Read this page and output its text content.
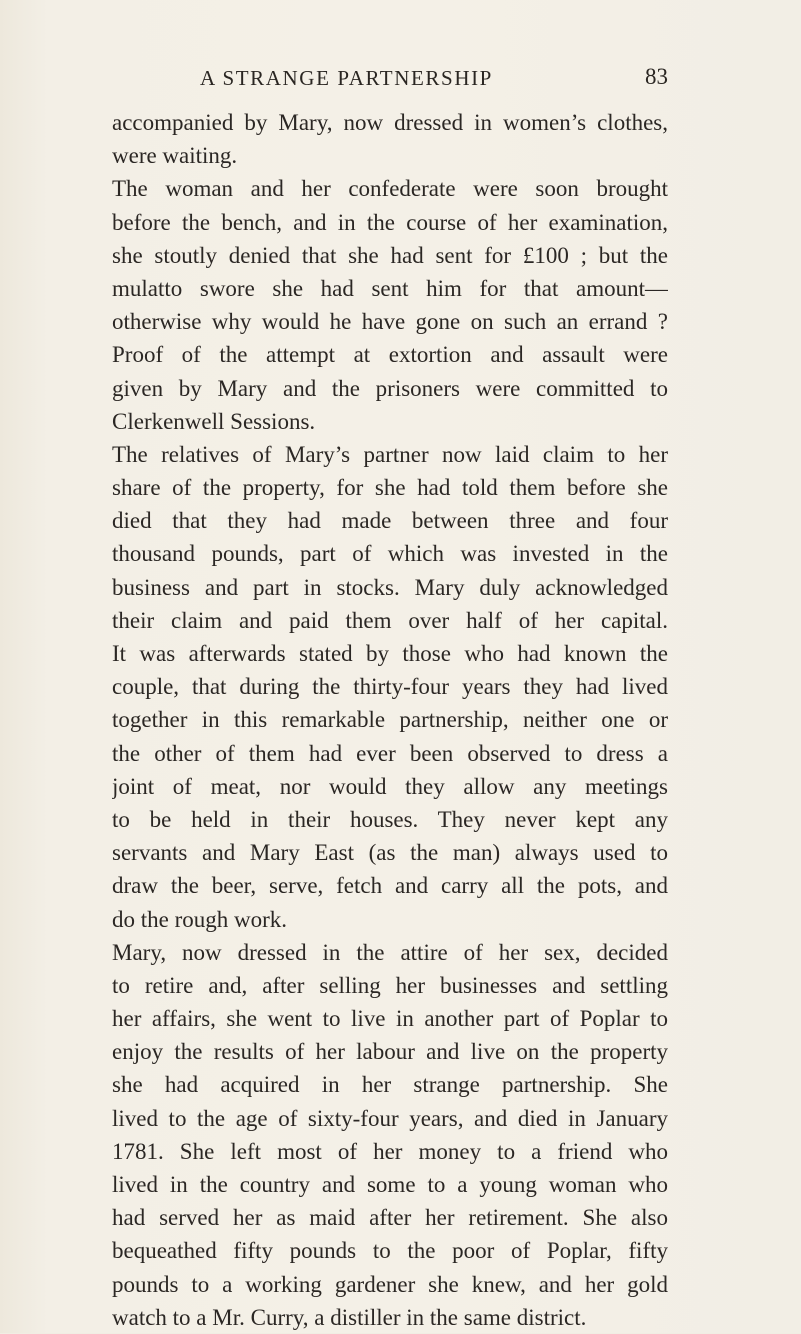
A STRANGE PARTNERSHIP	83
accompanied by Mary, now dressed in women’s clothes,
were waiting.
The woman and her confederate were soon brought
before the bench, and in the course of her examination,
she stoutly denied that she had sent for £100 ; but the
mulatto swore she had sent him for that amount—
otherwise why would he have gone on such an errand ?
Proof of the attempt at extortion and assault were
given by Mary and the prisoners were committed to
Clerkenwell Sessions.
The relatives of Mary’s partner now laid claim to her
share of the property, for she had told them before she
died that they had made between three and four
thousand pounds, part of which was invested in the
business and part in stocks. Mary duly acknowledged
their claim and paid them over half of her capital.
It was afterwards stated by those who had known the
couple, that during the thirty-four years they had lived
together in this remarkable partnership, neither one or
the other of them had ever been observed to dress a
joint of meat, nor would they allow any meetings
to be held in their houses. They never kept any
servants and Mary East (as the man) always used to
draw the beer, serve, fetch and carry all the pots, and
do the rough work.
Mary, now dressed in the attire of her sex, decided
to retire and, after selling her businesses and settling
her affairs, she went to live in another part of Poplar to
enjoy the results of her labour and live on the property
she had acquired in her strange partnership. She
lived to the age of sixty-four years, and died in January
1781. She left most of her money to a friend who
lived in the country and some to a young woman who
had served her as maid after her retirement. She also
bequeathed fifty pounds to the poor of Poplar, fifty
pounds to a working gardener she knew, and her gold
watch to a Mr. Curry, a distiller in the same district.
